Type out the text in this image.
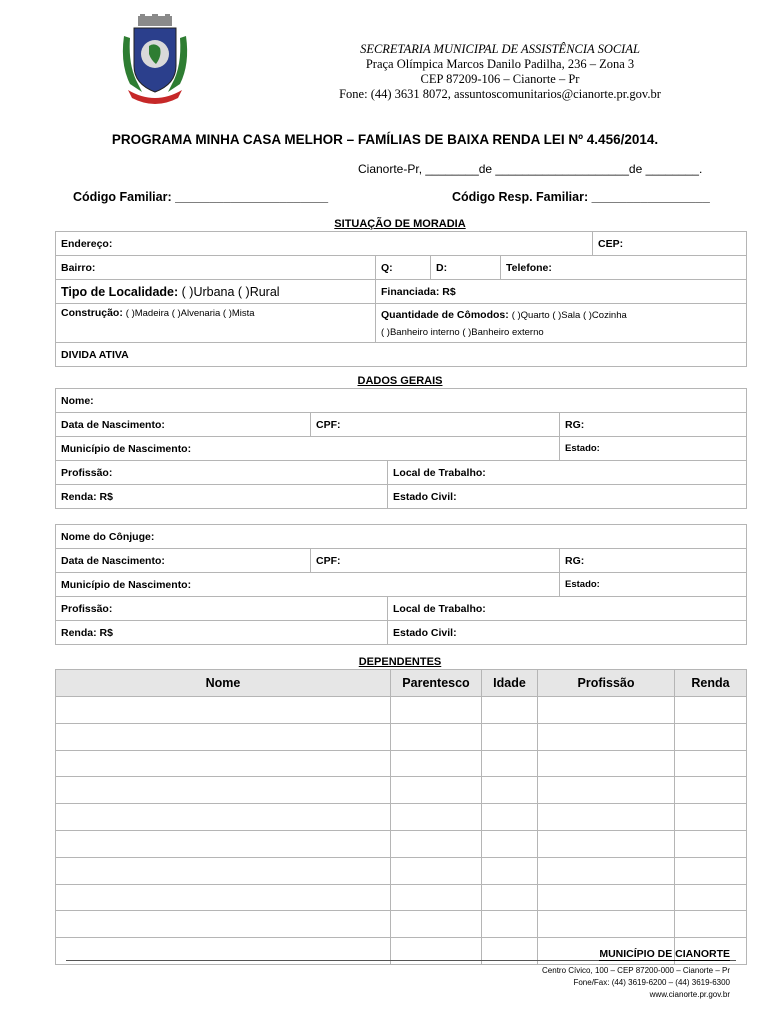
SECRETARIA MUNICIPAL DE ASSISTÊNCIA SOCIAL
Praça Olímpica Marcos Danilo Padilha, 236 – Zona 3
CEP 87209-106 – Cianorte – Pr
Fone: (44) 3631 8072, assuntoscomunitarios@cianorte.pr.gov.br
PROGRAMA MINHA CASA MELHOR – FAMÍLIAS DE BAIXA RENDA LEI Nº 4.456/2014.
Cianorte-Pr, ________de ____________________de ________.
Código Familiar: ______________________	Código Resp. Familiar: _________________
SITUAÇÃO DE MORADIA
Endereço:				CEP:
Bairro:	Q:	D:	Telefone:	
Tipo de Localidade: ( )Urbana ( )Rural	Financiada: R$			
Construção: ( )Madeira ( )Alvenaria ( )Mista	Quantidade de Cômodos: ( )Quarto ( )Sala ( )Cozinha
( )Banheiro interno ( )Banheiro externo			
DIVIDA ATIVA				
DADOS GERAIS
Nome:			
Data de Nascimento:	CPF:		RG:
Município de Nascimento:			Estado:
Profissão:		Local de Trabalho:	
Renda: R$		Estado Civil:	
Nome do Cônjuge:			
Data de Nascimento:	CPF:		RG:
Município de Nascimento:			Estado:
Profissão:		Local de Trabalho:	
Renda: R$		Estado Civil:	
DEPENDENTES
Nome	Parentesco	Idade	Profissão	Renda

MUNICÍPIO DE CIANORTE
Centro Cívico, 100 – CEP 87200-000 – Cianorte – Pr
Fone/Fax: (44) 3619-6200 – (44) 3619-6300
www.cianorte.pr.gov.br
